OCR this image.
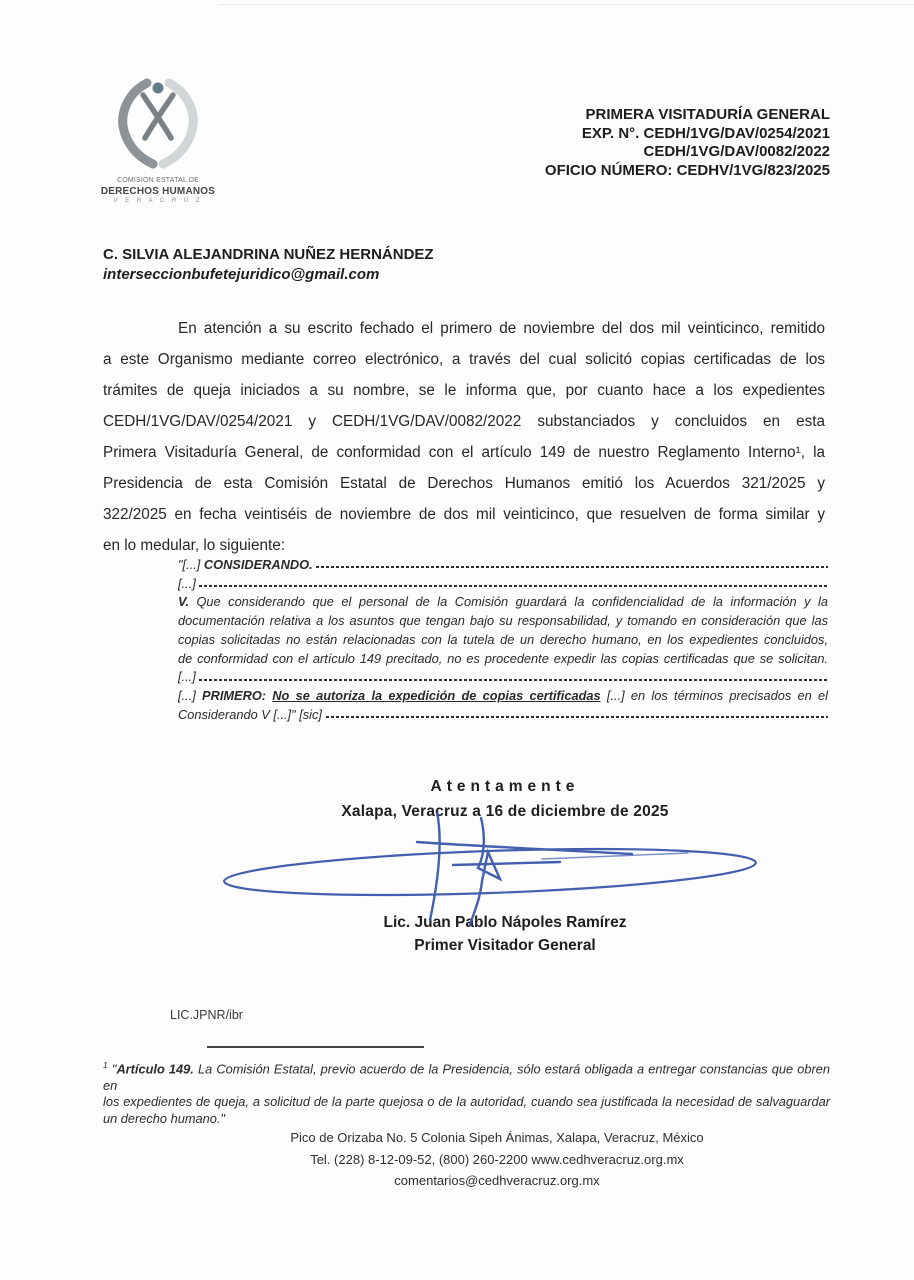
COMISION ESTATAL DE
DERECHOS HUMANOS
V E R A C R U Z
PRIMERA VISITADURÍA GENERAL
EXP. N°. CEDH/1VG/DAV/0254/2021
CEDH/1VG/DAV/0082/2022
OFICIO NÚMERO: CEDHV/1VG/823/2025
C. SILVIA ALEJANDRINA NUÑEZ HERNÁNDEZ
interseccionbufetejuridico@gmail.com
En atención a su escrito fechado el primero de noviembre del dos mil veinticinco, remitido
a este Organismo mediante correo electrónico, a través del cual solicitó copias certificadas de los
trámites de queja iniciados a su nombre, se le informa que, por cuanto hace a los expedientes
CEDH/1VG/DAV/0254/2021 y CEDH/1VG/DAV/0082/2022 substanciados y concluidos en esta
Primera Visitaduría General, de conformidad con el artículo 149 de nuestro Reglamento Interno¹, la
Presidencia de esta Comisión Estatal de Derechos Humanos emitió los Acuerdos 321/2025 y
322/2025 en fecha veintiséis de noviembre de dos mil veinticinco, que resuelven de forma similar y
en lo medular, lo siguiente:
"[...] CONSIDERANDO.
[...]
V. Que considerando que el personal de la Comisión guardará la confidencialidad de la información y la
documentación relativa a los asuntos que tengan bajo su responsabilidad, y tomando en consideración que las
copias solicitadas no están relacionadas con la tutela de un derecho humano, en los expedientes concluidos,
de conformidad con el artículo 149 precitado, no es procedente expedir las copias certificadas que se solicitan.
[...]
[...] PRIMERO: No se autoriza la expedición de copias certificadas [...] en los términos precisados en el
Considerando V [...]" [sic]
Atentamente
Xalapa, Veracruz a 16 de diciembre de 2025
Lic. Juan Pablo Nápoles Ramírez
Primer Visitador General
LIC.JPNR/ibr
$^1$ "Artículo 149. La Comisión Estatal, previo acuerdo de la Presidencia, sólo estará obligada a entregar constancias que obren en
los expedientes de queja, a solicitud de la parte quejosa o de la autoridad, cuando sea justificada la necesidad de salvaguardar
un derecho humano."
Pico de Orizaba No. 5 Colonia Sipeh Ánimas, Xalapa, Veracruz, México
Tel. (228) 8-12-09-52, (800) 260-2200 www.cedhveracruz.org.mx
comentarios@cedhveracruz.org.mx
